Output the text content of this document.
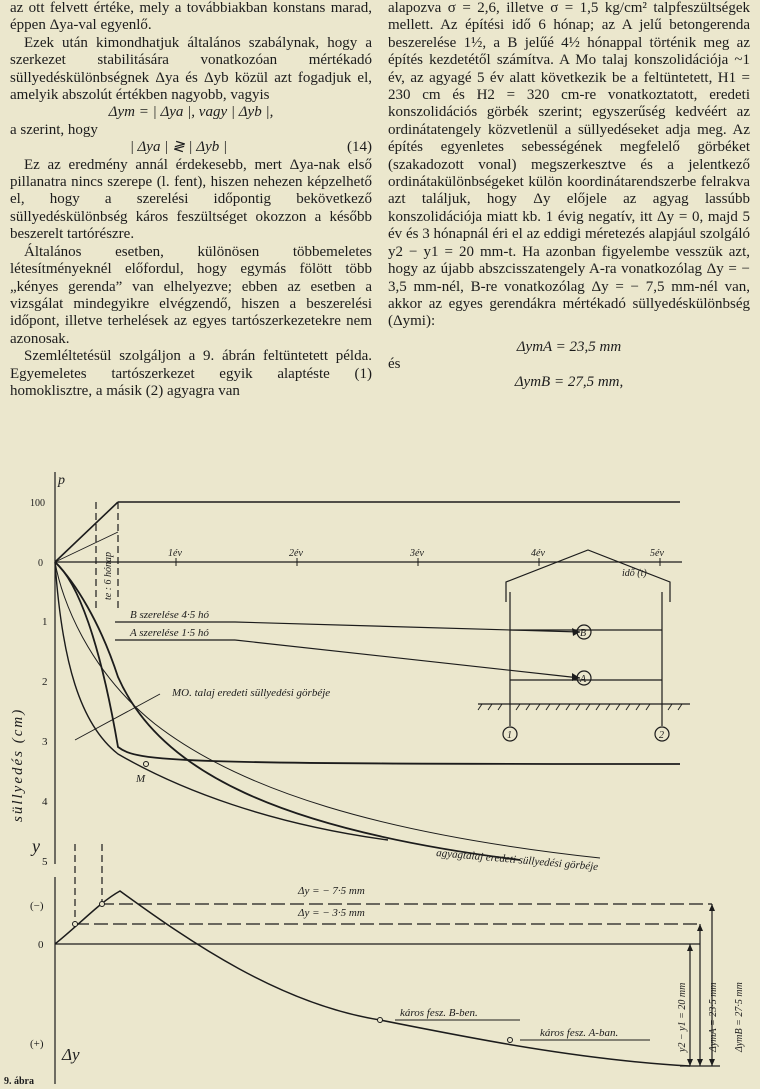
az ott felvett értéke, mely a továbbiakban konstans marad, éppen Δya-val egyenlő.

Ezek után kimondhatjuk általános szabálynak, hogy a szerkezet stabilitására vonatkozóan mértékadó süllyedéskülönbségnek Δya és Δyb közül azt fogadjuk el, amelyik abszolút értékben nagyobb, vagyis

Δym = | Δya |, vagy | Δyb |,

a szerint, hogy

(14)
| Δya | ≷ | Δyb |

Ez az eredmény annál érdekesebb, mert Δya-nak első pillanatra nincs szerepe (l. fent), hiszen nehezen képzelhető el, hogy a szerelési időpontig bekövetkező süllyedéskülönbség káros feszültséget okozzon a később beszerelt tartórészre.

Általános esetben, különösen többemeletes létesítményeknél előfordul, hogy egymás fölött több „kényes gerenda” van elhelyezve; ebben az esetben a vizsgálat mindegyikre elvégzendő, hiszen a beszerelési időpont, illetve terhelések az egyes tartószerkezetekre nem azonosak.

Szemléltetésül szolgáljon a 9. ábrán feltüntetett példa. Egyemeletes tartószerkezet egyik alaptéste (1) homoklisztre, a másik (2) agyagra van

alapozva σ = 2,6, illetve σ = 1,5 kg/cm² talpfeszültségek mellett. Az építési idő 6 hónap; az A jelű betongerenda beszerelése 1½, a B jelűé 4½ hónappal történik meg az építés kezdetétől számítva. A Mo talaj konszolidációja ~1 év, az agyagé 5 év alatt következik be a feltüntetett, H1 = 230 cm és H2 = 320 cm-re vonatkoztatott, eredeti konszolidációs görbék szerint; egyszerűség kedvéért az ordinátatengely közvetlenül a süllyedéseket adja meg. Az építés egyenletes sebességének megfelelő görbéket (szakadozott vonal) megszerkesztve és a jelentkező ordinátakülönbségeket külön koordinátarendszerbe felrakva azt találjuk, hogy Δy előjele az agyag lassúbb konszolidációja miatt kb. 1 évig negatív, itt Δy = 0, majd 5 év és 3 hónapnál éri el az eddigi méretezés alapjául szolgáló y2 − y1 = 20 mm-t. Ha azonban figyelembe vesszük azt, hogy az újabb abszcisszatengely A-ra vonatkozólag Δy = − 3,5 mm-nél, B-re vonatkozólag Δy = − 7,5 mm-nél van, akkor az egyes gerendákra mértékadó süllyedéskülönbség (Δymi):

ΔymA = 23,5 mm

és

ΔymB = 27,5 mm,

p
100
0
1év	2év	3év	4év	5év
idő (t)
te : 6 hónap
süllyedés (cm)
1
2
3
4
5
y
B szerelése 4·5 hó
A szerelése 1·5 hó
MO. talaj eredeti süllyedési görbéje
agyagtalaj eredeti süllyedési görbéje
M
B
A
1	2
(−)
0
(+)
Δy
Δy = − 7·5 mm
Δy = − 3·5 mm
káros fesz. B-ben.
káros fesz. A-ban.	y2 − y1 = 20 mm ΔymA = 23·5 mm ΔymB = 27·5 mm
9. ábra
